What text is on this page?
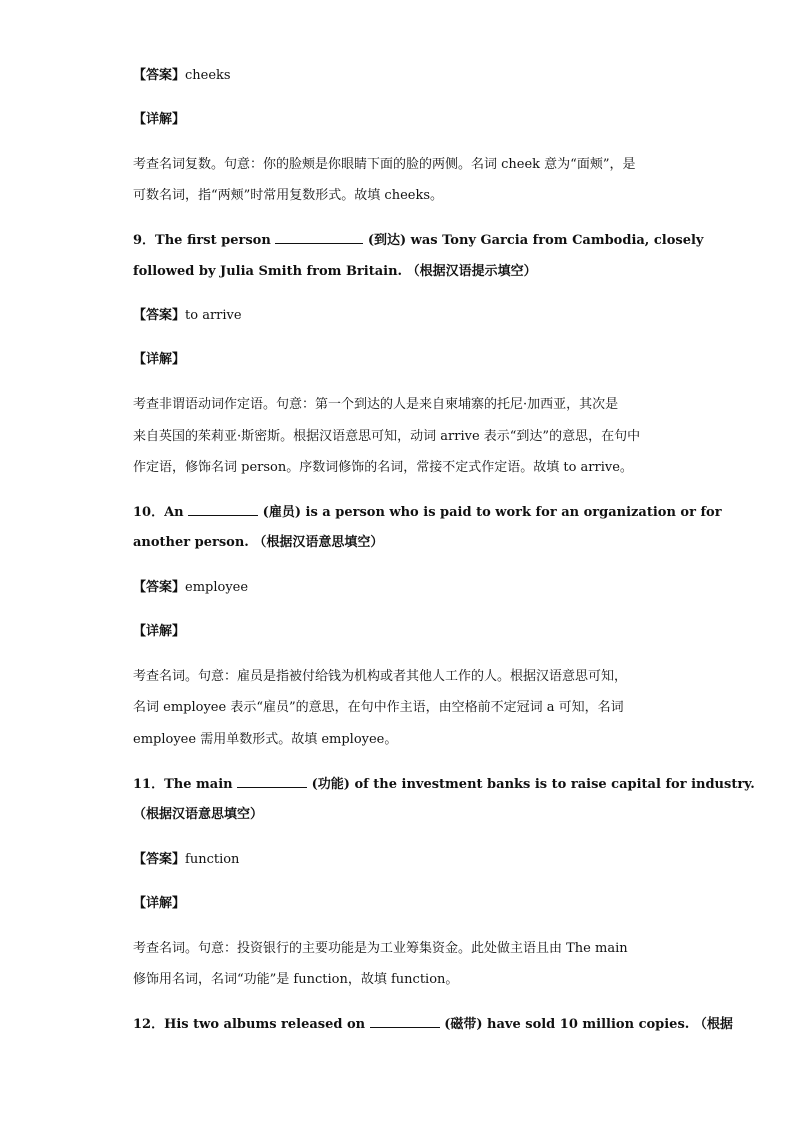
【答案】cheeks
【详解】

考查名词复数。句意：你的脸颊是你眼睛下面的脸的两侧。名词 cheek 意为“面颊”，是

可数名词，指“两颊”时常用复数形式。故填 cheeks。

9．The first person	(到达) was Tony Garcia from Cambodia, closely

followed by Julia Smith from Britain. （根据汉语提示填空）

【答案】to arrive
【详解】

考查非谓语动词作定语。句意：第一个到达的人是来自柬埔寨的托尼·加西亚，其次是

来自英国的茱莉亚·斯密斯。根据汉语意思可知，动词 arrive 表示“到达”的意思，在句中

作定语，修饰名词 person。序数词修饰的名词，常接不定式作定语。故填 to arrive。

10．An	(雇员) is a person who is paid to work for an organization or for

another person. （根据汉语意思填空）

【答案】employee
【详解】

考查名词。句意：雇员是指被付给钱为机构或者其他人工作的人。根据汉语意思可知，

名词 employee 表示“雇员”的意思，在句中作主语，由空格前不定冠词 a 可知，名词

employee 需用单数形式。故填 employee。

11．The main	(功能) of the investment banks is to raise capital for industry.

（根据汉语意思填空）

【答案】function
【详解】

考查名词。句意：投资银行的主要功能是为工业筹集资金。此处做主语且由 The main

修饰用名词，名词“功能”是 function，故填 function。

12．His two albums released on	(磁带) have sold 10 million copies. （根据
